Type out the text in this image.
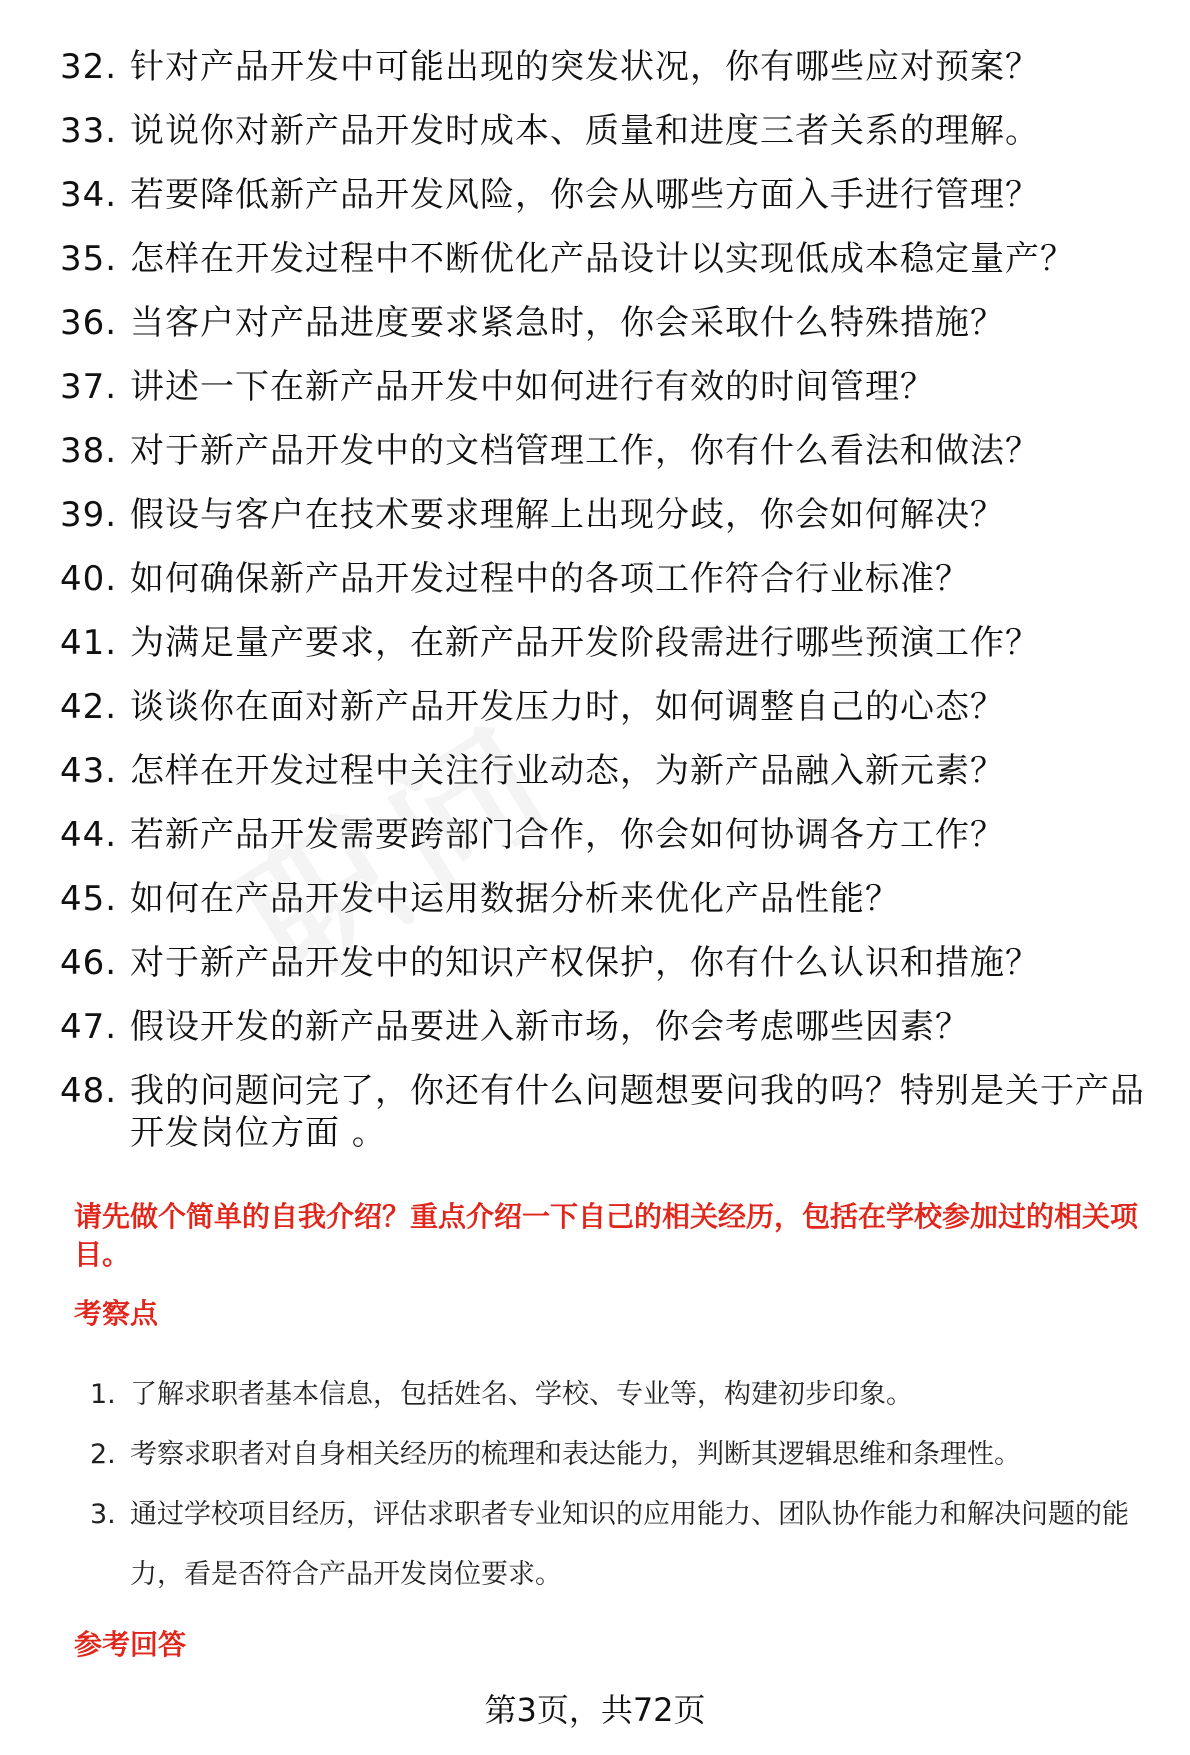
32. 针对产品开发中可能出现的突发状况，你有哪些应对预案？
33. 说说你对新产品开发时成本、质量和进度三者关系的理解。
34. 若要降低新产品开发风险，你会从哪些方面入手进行管理？
35. 怎样在开发过程中不断优化产品设计以实现低成本稳定量产？
36. 当客户对产品进度要求紧急时，你会采取什么特殊措施？
37. 讲述一下在新产品开发中如何进行有效的时间管理？
38. 对于新产品开发中的文档管理工作，你有什么看法和做法？
39. 假设与客户在技术要求理解上出现分歧，你会如何解决？
40. 如何确保新产品开发过程中的各项工作符合行业标准？
41. 为满足量产要求，在新产品开发阶段需进行哪些预演工作？
42. 谈谈你在面对新产品开发压力时，如何调整自己的心态？
43. 怎样在开发过程中关注行业动态，为新产品融入新元素？
44. 若新产品开发需要跨部门合作，你会如何协调各方工作？
45. 如何在产品开发中运用数据分析来优化产品性能？
46. 对于新产品开发中的知识产权保护，你有什么认识和措施？
47. 假设开发的新产品要进入新市场，你会考虑哪些因素？
48. 我的问题问完了，你还有什么问题想要问我的吗？特别是关于产品开发岗位方面 。
请先做个简单的自我介绍？重点介绍一下自己的相关经历，包括在学校参加过的相关项目。
考察点
1. 了解求职者基本信息，包括姓名、学校、专业等，构建初步印象。
2. 考察求职者对自身相关经历的梳理和表达能力，判断其逻辑思维和条理性。
3. 通过学校项目经历，评估求职者专业知识的应用能力、团队协作能力和解决问题的能力，看是否符合产品开发岗位要求。
参考回答
第3页，共72页
